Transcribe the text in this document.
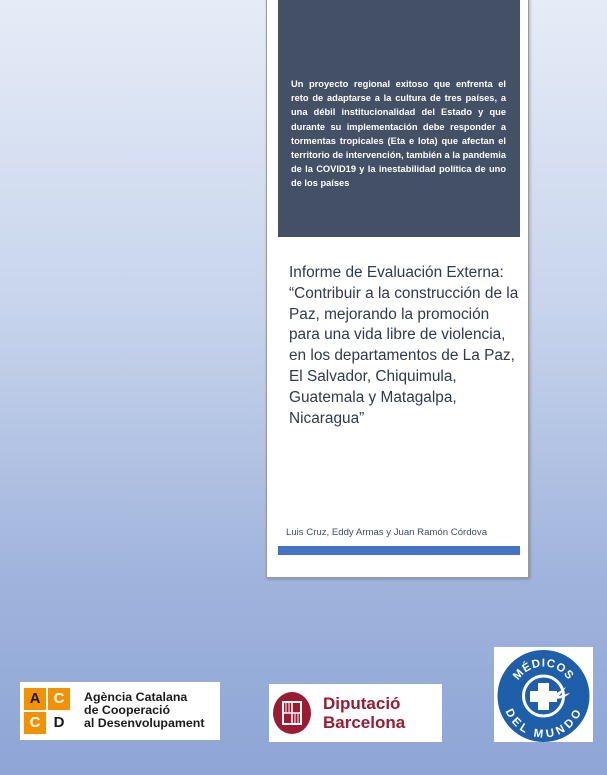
Un proyecto regional exitoso que enfrenta el reto de adaptarse a la cultura de tres países, a una débil institucionalidad del Estado y que durante su implementación debe responder a tormentas tropicales (Eta e Iota) que afectan el territorio de intervención, también a la pandemia de la COVID19 y la inestabilidad política de uno de los países

Informe de Evaluación Externa: “Contribuir a la construcción de la Paz, mejorando la promoción para una vida libre de violencia, en los departamentos de La Paz, El Salvador, Chiquimula, Guatemala y Matagalpa, Nicaragua”

Luis Cruz, Eddy Armas y Juan Ramón Córdova

A C
C D

Agència Catalana
de Cooperació
al Desenvolupament

Diputació
Barcelona

MÉDICOS
DEL MUNDO
